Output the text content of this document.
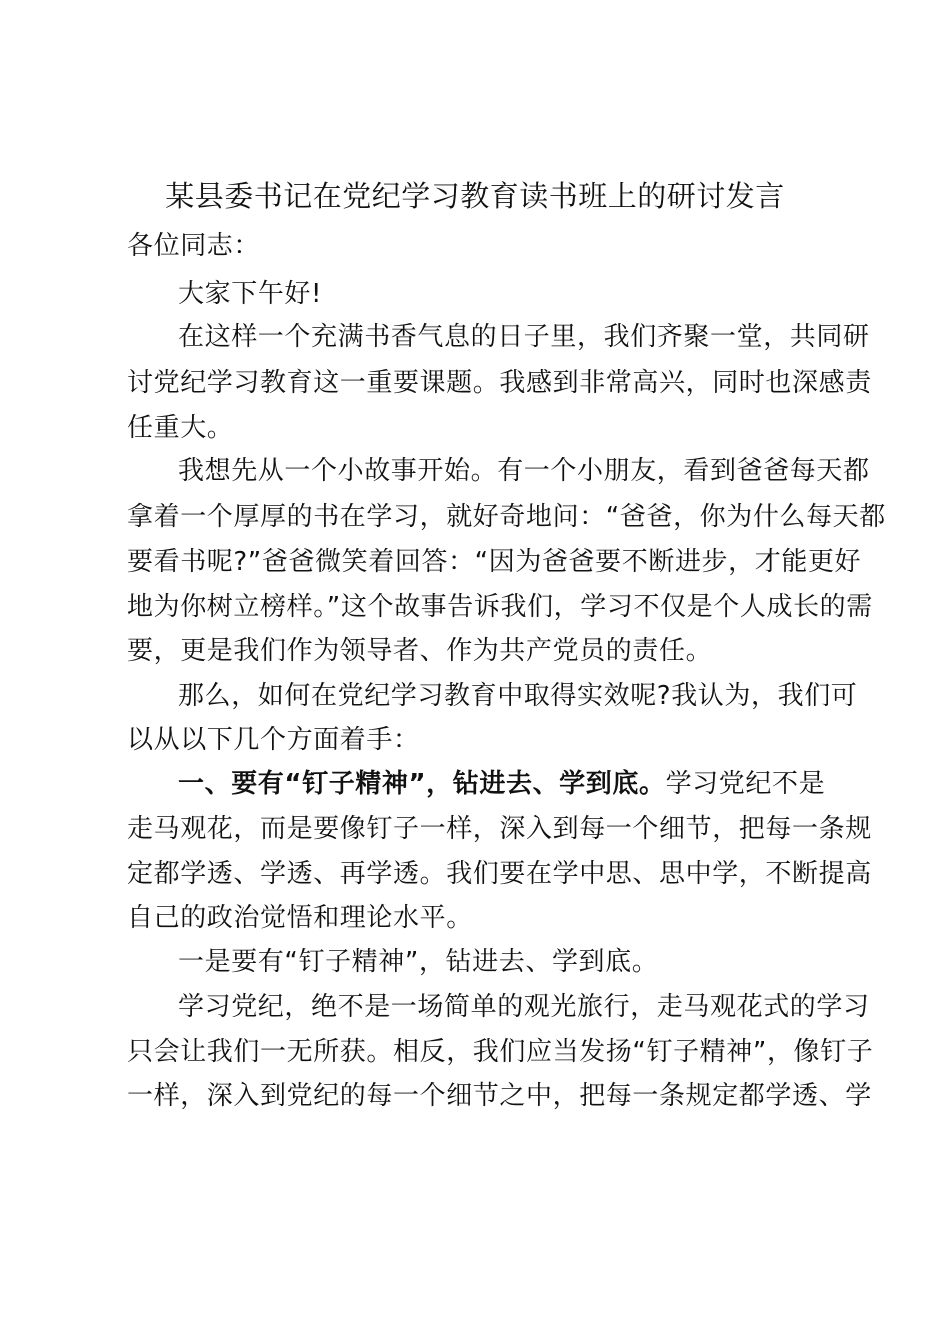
某县委书记在党纪学习教育读书班上的研讨发言
各位同志：
大家下午好!
在这样一个充满书香气息的日子里，我们齐聚一堂，共同研
讨党纪学习教育这一重要课题。我感到非常高兴，同时也深感责
任重大。
我想先从一个小故事开始。有一个小朋友，看到爸爸每天都
拿着一个厚厚的书在学习，就好奇地问：“爸爸，你为什么每天都
要看书呢?”爸爸微笑着回答：“因为爸爸要不断进步，才能更好
地为你树立榜样。”这个故事告诉我们，学习不仅是个人成长的需
要，更是我们作为领导者、作为共产党员的责任。
那么，如何在党纪学习教育中取得实效呢?我认为，我们可
以从以下几个方面着手：
一、要有“钉子精神”，钻进去、学到底。学习党纪不是
走马观花，而是要像钉子一样，深入到每一个细节，把每一条规
定都学透、学透、再学透。我们要在学中思、思中学，不断提高
自己的政治觉悟和理论水平。
一是要有“钉子精神”，钻进去、学到底。
学习党纪，绝不是一场简单的观光旅行，走马观花式的学习
只会让我们一无所获。相反，我们应当发扬“钉子精神”，像钉子
一样，深入到党纪的每一个细节之中，把每一条规定都学透、学
